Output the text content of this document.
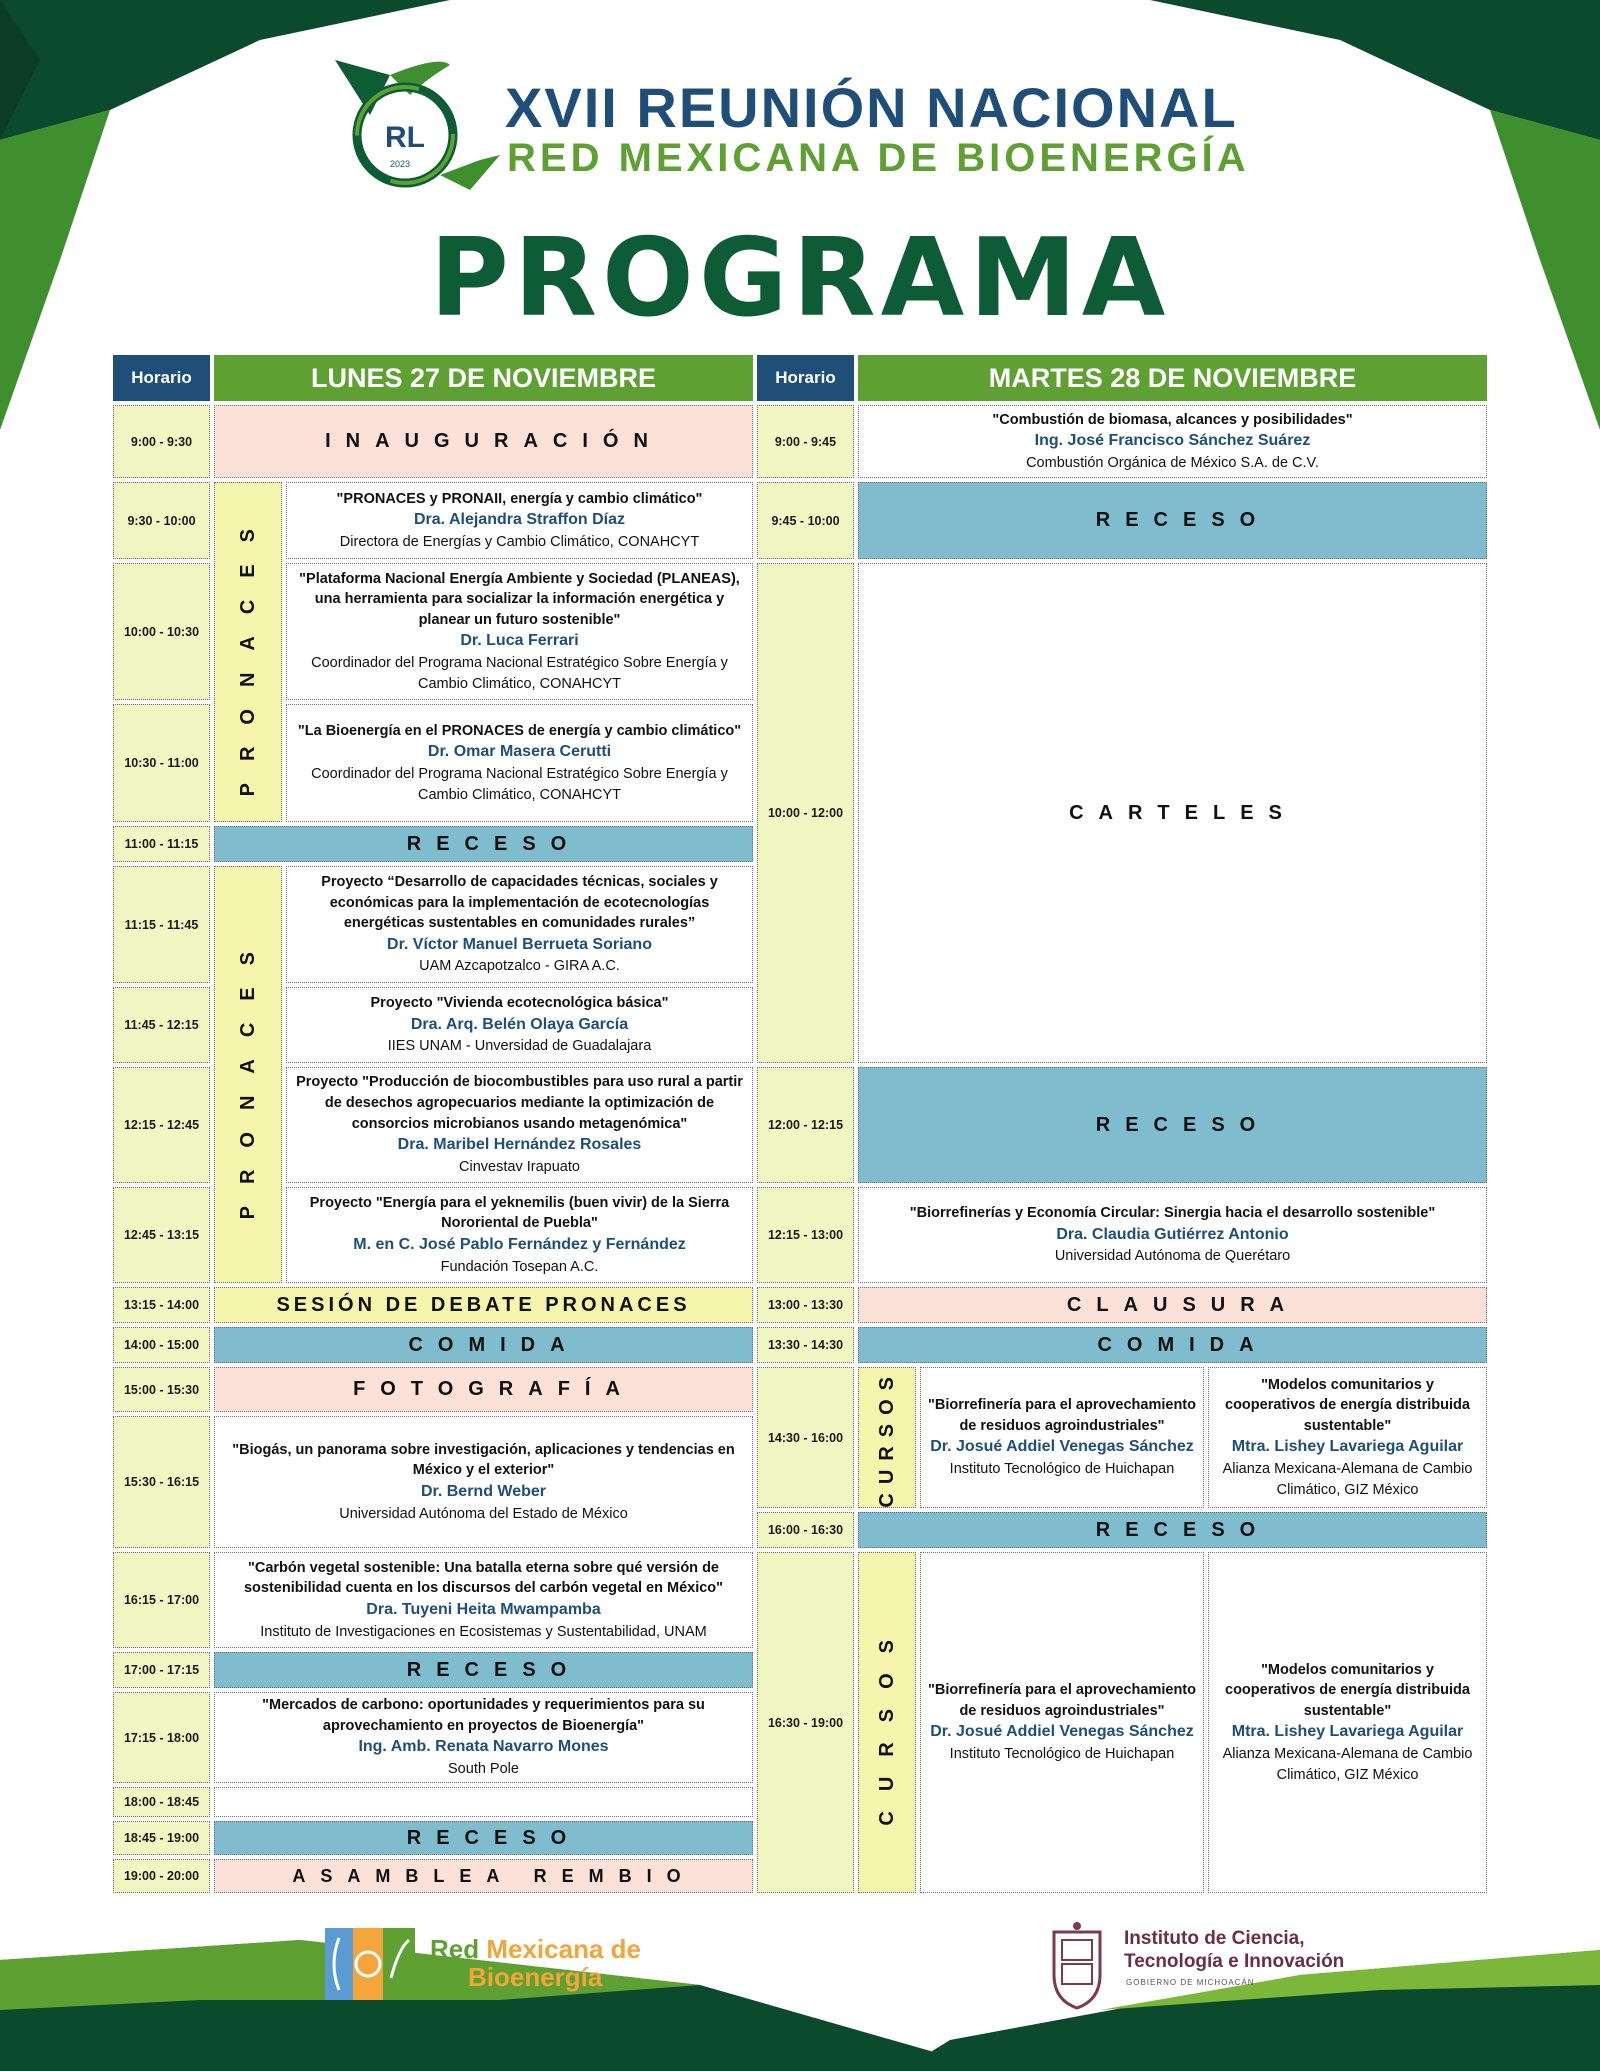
RL
2023
XVII REUNIÓN NACIONAL
RED MEXICANA DE BIOENERGÍA
PROGRAMA
Horario	LUNES 27 DE NOVIEMBRE
9:00 - 9:30
9:30 - 10:00
10:00 - 10:30
10:30 - 11:00
11:00 - 11:15
11:15 - 11:45
11:45 - 12:15
12:15 - 12:45
12:45 - 13:15
13:15 - 14:00
14:00 - 15:00
15:00 - 15:30
15:30 - 16:15
16:15 - 17:00
17:00 - 17:15
17:15 - 18:00
18:00 - 18:45
18:45 - 19:00
19:00 - 20:00
INAUGURACIÓN
PRONACES
"PRONACES y PRONAII, energía y cambio climático"
Dra. Alejandra Straffon Díaz
Directora de Energías y Cambio Climático, CONAHCYT
"Plataforma Nacional Energía Ambiente y Sociedad (PLANEAS), una herramienta para socializar la información energética y planear un futuro sostenible"
Dr. Luca Ferrari
Coordinador del Programa Nacional Estratégico Sobre Energía y Cambio Climático, CONAHCYT
"La Bioenergía en el PRONACES de energía y cambio climático"
Dr. Omar Masera Cerutti
Coordinador del Programa Nacional Estratégico Sobre Energía y Cambio Climático, CONAHCYT
RECESO
PRONACES
Proyecto “Desarrollo de capacidades técnicas, sociales y económicas para la implementación de ecotecnologías energéticas sustentables en comunidades rurales”
Dr. Víctor Manuel Berrueta Soriano
UAM Azcapotzalco - GIRA A.C.
Proyecto "Vivienda ecotecnológica básica"
Dra. Arq. Belén Olaya García
IIES UNAM - Unversidad de Guadalajara
Proyecto "Producción de biocombustibles para uso rural a partir de desechos agropecuarios mediante la optimización de consorcios microbianos usando metagenómica"
Dra. Maribel Hernández Rosales
Cinvestav Irapuato
Proyecto "Energía para el yeknemilis (buen vivir) de la Sierra Nororiental de Puebla"
M. en C. José Pablo Fernández y Fernández
Fundación Tosepan A.C.
SESIÓN DE DEBATE PRONACES
COMIDA
FOTOGRAFÍA
"Biogás, un panorama sobre investigación, aplicaciones y tendencias en México y el exterior"
Dr. Bernd Weber
Universidad Autónoma del Estado de México
"Carbón vegetal sostenible: Una batalla eterna sobre qué versión de sostenibilidad cuenta en los discursos del carbón vegetal en México"
Dra. Tuyeni Heita Mwampamba
Instituto de Investigaciones en Ecosistemas y Sustentabilidad, UNAM
RECESO
"Mercados de carbono: oportunidades y requerimientos para su aprovechamiento en proyectos de Bioenergía"
Ing. Amb. Renata Navarro Mones
South Pole
RECESO
ASAMBLEA REMBIO
Horario	MARTES 28 DE NOVIEMBRE
9:00 - 9:45
9:45 - 10:00
10:00 - 12:00
12:00 - 12:15
12:15 - 13:00
13:00 - 13:30
13:30 - 14:30
14:30 - 16:00
16:00 - 16:30
16:30 - 19:00
"Combustión de biomasa, alcances y posibilidades"
Ing. José Francisco Sánchez Suárez
Combustión Orgánica de México S.A. de C.V.
RECESO
CARTELES
RECESO
"Biorrefinerías y Economía Circular: Sinergia hacia el desarrollo sostenible"
Dra. Claudia Gutiérrez Antonio
Universidad Autónoma de Querétaro
CLAUSURA
COMIDA
CURSOS "Biorrefinería para el aprovechamiento de residuos agroindustriales"
Dr. Josué Addiel Venegas Sánchez
Instituto Tecnológico de Huichapan
"Modelos comunitarios y cooperativos de energía distribuida sustentable"
Mtra. Lishey Lavariega Aguilar
Alianza Mexicana-Alemana de Cambio Climático, GIZ México
RECESO
CURSOS "Biorrefinería para el aprovechamiento de residuos agroindustriales"
Dr. Josué Addiel Venegas Sánchez
Instituto Tecnológico de Huichapan
"Modelos comunitarios y cooperativos de energía distribuida sustentable"
Mtra. Lishey Lavariega Aguilar
Alianza Mexicana-Alemana de Cambio Climático, GIZ México
Red Mexicana de
Bioenergía
Instituto de Ciencia,
Tecnología e Innovación
GOBIERNO DE MICHOACÁN
